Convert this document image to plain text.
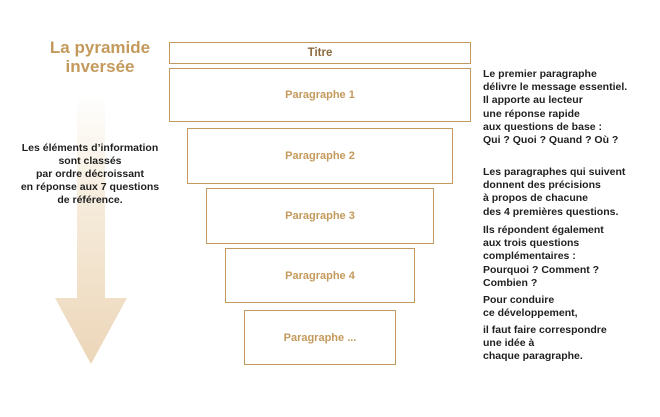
La pyramide
inversée
Les éléments d’information
sont classés
par ordre décroissant
en réponse aux 7 questions
de référence.
Titre
Paragraphe 1
Paragraphe 2
Paragraphe 3
Paragraphe 4
Paragraphe ...
Le premier paragraphe
délivre le message essentiel.
Il apporte au lecteur
une réponse rapide
aux questions de base :
Qui ? Quoi ? Quand ? Où ?
Les paragraphes qui suivent
donnent des précisions
à propos de chacune
des 4 premières questions.
Ils répondent également
aux trois questions
complémentaires :
Pourquoi ? Comment ?
Combien ?
Pour conduire
ce développement,
il faut faire correspondre
une idée à
chaque paragraphe.
